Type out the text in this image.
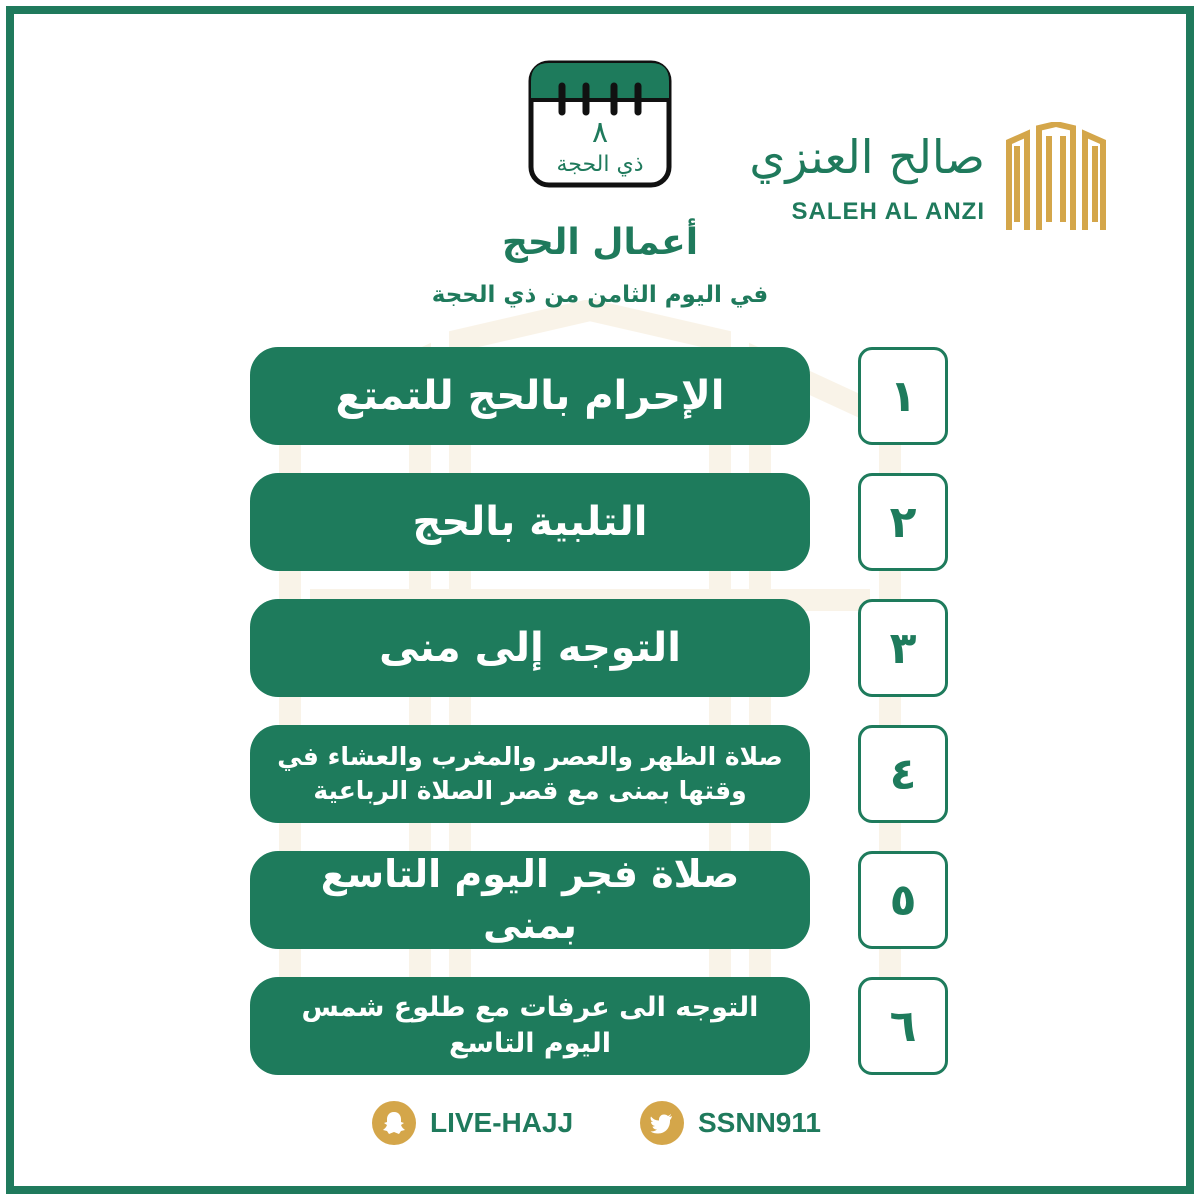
٨
ذي الحجة
أعمال الحج
في اليوم الثامن من ذي الحجة
صالح العنزي
SALEH AL ANZI
الإحرام بالحج للتمتع	١
التلبية بالحج	٢
التوجه إلى منى	٣
صلاة الظهر والعصر والمغرب والعشاء في وقتها بمنى مع قصر الصلاة الرباعية	٤
صلاة فجر اليوم التاسع بمنى	٥
التوجه الى عرفات مع طلوع شمس اليوم التاسع	٦
LIVE-HAJJ	SSNN911
